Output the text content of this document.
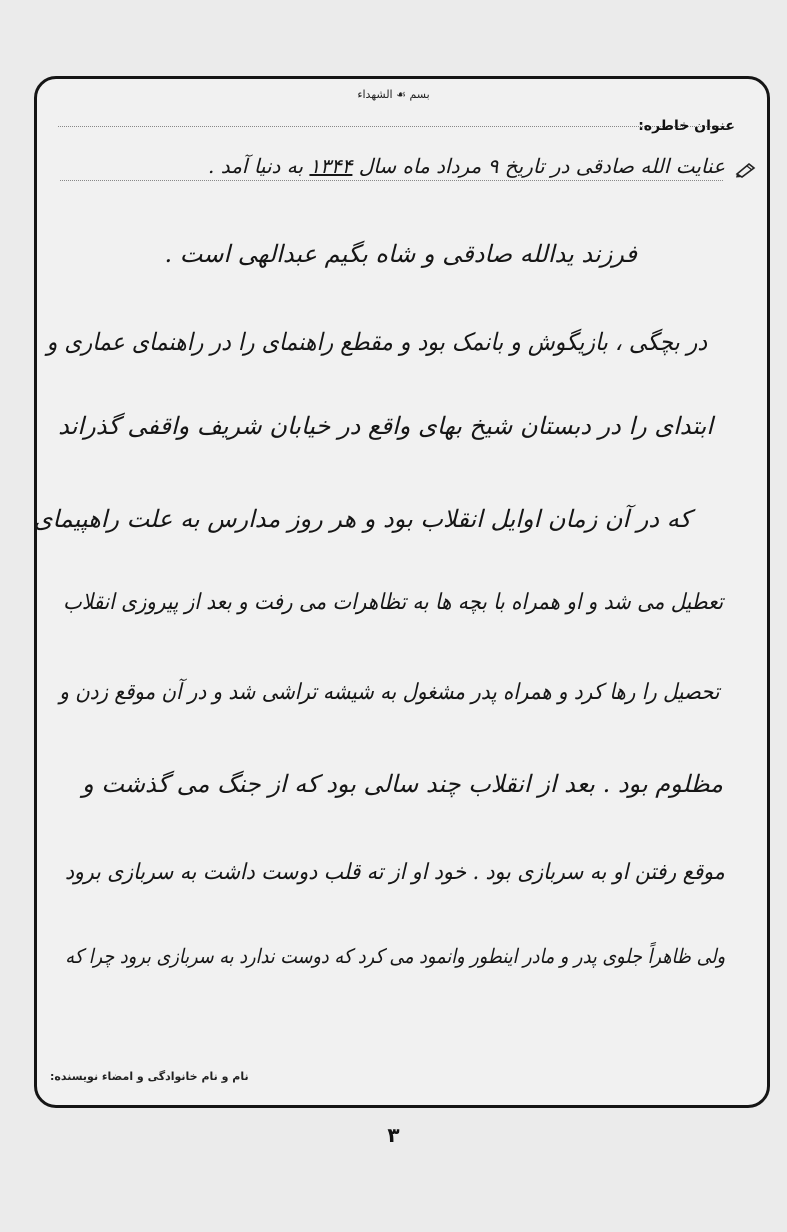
بسم ☙ الشهداء
عنوان خاطره:
عنایت الله صادقی در تاریخ ۹ مرداد ماه سال ۱۳۴۴ به دنیا آمد .
فرزند یدالله صادقی و شاه بگیم عبدالهی است .
در بچگی ، بازیگوش و بانمک بود و مقطع راهنمای را در راهنمای عماری و
ابتدای را در دبستان شیخ بهای واقع در خیابان شریف واقفی گذراند
که در آن زمان اوایل انقلاب بود و هر روز مدارس به علت راهپیمای
تعطیل می شد و او همراه با بچه ها به تظاهرات می رفت و بعد از پیروزی انقلاب
تحصیل را رها کرد و همراه پدر مشغول به شیشه تراشی شد و در آن موقع زدن و
مظلوم بود . بعد از انقلاب چند سالی بود که از جنگ می گذشت و
موقع رفتن او به سربازی بود . خود او از ته قلب دوست داشت به سربازی برود
ولی ظاهراً جلوی پدر و مادر اینطور وانمود می کرد که دوست ندارد به سربازی برود چرا که
نام و نام خانوادگی و امضاء نویسنده:
۳
